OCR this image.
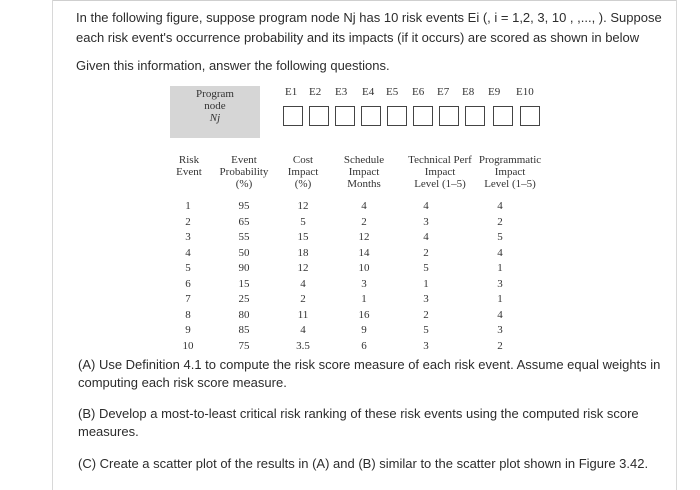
In the following figure, suppose program node Nj has 10 risk events Ei (, i = 1,2, 3, 10 , ,..., ). Suppose
each risk event's occurrence probability and its impacts (if it occurs) are scored as shown in below
Given this information, answer the following questions.
Program
node
Nj
E1 E2 E3 E4 E5 E6 E7 E8 E9 E10
Risk
Event
Event
Probability
(%)
Cost
Impact
(%)
Schedule
Impact
Months
Technical Perf
Impact
Level (1–5)
Programmatic
Impact
Level (1–5)
1	95	12	4	4	4
2	65	5	2	3	2
3	55	15	12	4	5
4	50	18	14	2	4
5	90	12	10	5	1
6	15	4	3	1	3
7	25	2	1	3	1
8	80	11	16	2	4
9	85	4	9	5	3
10	75	3.5	6	3	2
(A) Use Definition 4.1 to compute the risk score measure of each risk event. Assume equal weights in computing each risk score measure.
(B) Develop a most-to-least critical risk ranking of these risk events using the computed risk score measures.
(C) Create a scatter plot of the results in (A) and (B) similar to the scatter plot shown in Figure 3.42.
